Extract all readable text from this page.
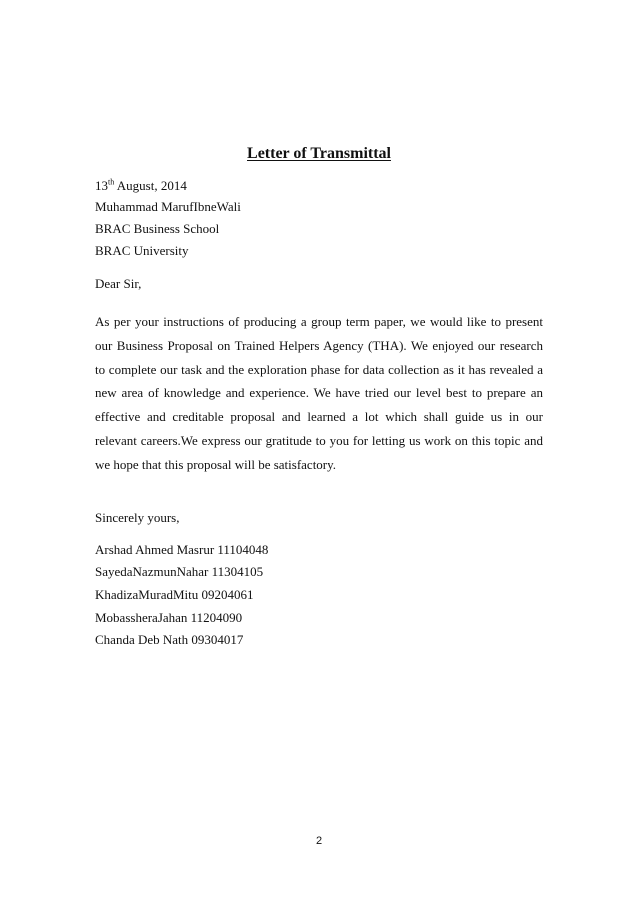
Letter of Transmittal
13th August, 2014
Muhammad MarufIbneWali
BRAC Business School
BRAC University
Dear Sir,
As per your instructions of producing a group term paper, we would like to present our Business Proposal on Trained Helpers Agency (THA). We enjoyed our research to complete our task and the exploration phase for data collection as it has revealed a new area of knowledge and experience. We have tried our level best to prepare an effective and creditable proposal and learned a lot which shall guide us in our relevant careers.We express our gratitude to you for letting us work on this topic and we hope that this proposal will be satisfactory.
Sincerely yours,
Arshad Ahmed Masrur 11104048
SayedaNazmunNahar 11304105
KhadizaMuradMitu 09204061
MobassheraJahan 11204090
Chanda Deb Nath 09304017
2
